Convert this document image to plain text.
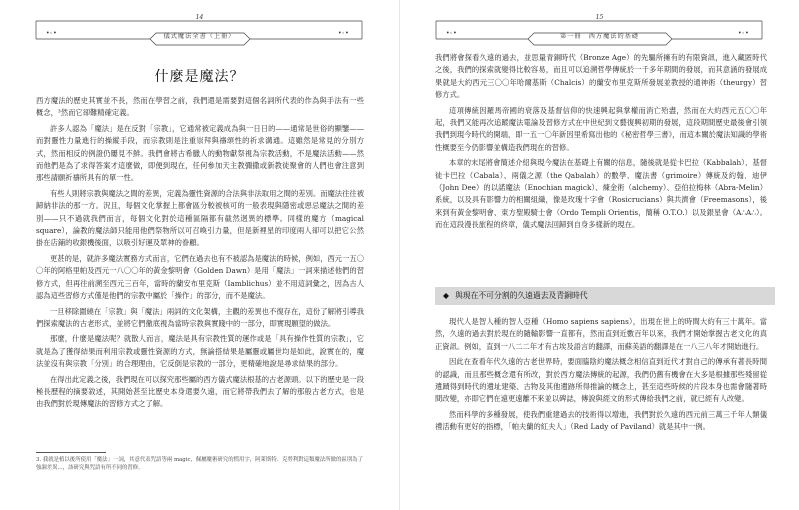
14
•◦•	•◦•
儀式魔法全書（上冊）
什麼是魔法？

西方魔法的歷史其實並不長，然而在學習之前，我們還是需要對這個名詞所代表的作為與手法有一些概念，³然而它卻難精確定義。

許多人認為「魔法」是在反對「宗教」，它通常被定義成為與一日日的——通常是世俗的顯鑒——而對靈性力量進行的操縱手段，而宗教則是注重崇拜與禱頌性的祈求溝通。這雖然是常見的分別方式，然而相反的例證仍屢見不鮮。我們會將古希臘人的動物獻祭視為宗教活動，不是魔法活動——然而他們是為了求得答案才這麼做，即便到現在，任何參加天主教彌撒或新教徒聚會的人們也會注意到那些請願祈禱所具有的單一性。

有些人則將宗教與魔法之間的差異，定義為靈性資源的合法與非法取用之間的差別。而魔法往往被歸納非法的那一方。況且，每個文化掌握上都會區分較被核可的一般表現與隱密或惡忌魔法之間的差別——只不過就我們而言，每個文化對於這種區隔都有截然迥異的標準。同樣的魔方（magical square），論教的魔法師只能用他們祭物所以可召喚引力量，但是新裡星的印度兩人卻可以把它公然掛在店鋪的收銀機後面，以吸引好運及眾神的眷顧。

更甚的是，就許多魔法實務方式而言，它們在過去也有不被認為是魔法的時候，例如，西元一五〇〇年的阿格里帕及西元一八〇〇年的黃金黎明會（Golden Dawn）是用「魔法」一詞來描述他們的習修方式，但再往前溯至西元三百年，當時的蘭安布里克斯（Iamblichus）並不用這詞彙之，因為古人認為這些習修方式僅是他們的宗教中屬於「操作」的部分，而不是魔法。

一旦移除圍繞在「宗教」與「魔法」兩詞的文化架構，主觀的差異也不復存在，這份了解將引導我們探索魔法的古老形式，並將它們徹底視為當時宗教與實踐中的一部分，即實現願望的做法。

那麼，什麼是魔法呢？就散人而言，魔法是具有宗教性質的運作或是「具有操作性質的宗教」，它就是為了獲得結果而利用宗教或靈性資源的方式，無論搭結果是屬靈或屬世均是如此，說實在的，魔法並沒有與宗教「分別」的合理理由，它反倒是宗教的一部分，更精確地說是尋求結果的部分。

在得出此定義之後，我們現在可以探究那些屬的西方儀式魔法根基的古老源頭。以下的歷史是一段極長歷程的摘要敘述，其開始甚至比歷史本身還要久遠，而它將帶我們去了解的那般古老方式，也是由我們對於現傳魔法的習修方式之了解。

3. 我就是植以後所使用「魔法」一詞，其意代表咒語等兩 magic，佩屬魔術研究的慣用字，阿萊斯特．克勞利對這類魔法所做的區別為了強調差異...，該研究與咒語有所不同的習修。
15
•◦•	•◦•
第一冊　西方魔法的基礎

我們將會探看久遠的過去，並思量青銅時代（Bronze Age）的先驅所擁有的有限資訊，進入藏匿時代之後，我們的探索就變得比較容易，而且可以追溯哲學傳統於一千多年期間的發展，而其意涵的發展成果就是大約西元三〇〇年哈爾基斯（Chalcis）的蘭安布里克斯所發展並教授的通神術（theurgy）習修方式。

這項傳統因羅馬帝國的衰落及基督信仰的快速興起與掌權而消亡殆盡，然而在大約西元五〇〇年起，我們又能再次追蹤魔法電論及習修方式在中世紀到文藝復興初期的發展，這段期間歷史最後會引領我們到現今時代的開端，即一五一〇年新因里希寫出他的《秘密哲學三書》，而這本關於魔法知識的學術性概要至今仍影響並構造我們現在的習修。

本章的末尾將會簡述介紹與現今魔法在基礎上有關的信息，隨後就是從卡巴拉（Kabbalah）、基督徒卡巴拉（Cabala）、兩儀之源（the Qabalah）的數學、魔法書（grimoire）傳統及約翰．迪伊（John Dee）的以諾魔法（Enochian magick）、煉金術（alchemy）、亞伯拉梅林（Abra-Melin）系統，以及具有影響力的相關組織，像是玫瑰十字會（Rosicrucians）與共濟會（Freemasons），後來到有黃金黎明會、東方聖殿騎士會（Ordo Templi Orientis，簡稱 O.T.O.）以及銀星會（A∴A∴）。而在這段漫長旅程的終章，儀式魔法回歸到自身多樣新的現在。

現代人是智人種的智人亞種（Homo sapiens sapiens），出現在世上的時間大約有三十萬年。當然，久遠的過去對於現在的隨輸影響一直都有，然而直到近數百年以來，我們才開始掌握古老文化的真正資訊。例如，直到一八二二年才有古埃及語言的翻譯，而蘇美語的翻譯是在一八三八年才開始進行。

因此在查看年代久遠的古老世界時，要面臨陰約魔法概念相信直到近代才對自己的傳承有著長時間的認識，而且那些概念還有所改，對於西方魔法傳統的起源，我們仍舊有機會在大多是根據那些殘留從遺蹟得到時代的遺址建築、古物及其他遺跡所得推論的概念上，甚至這些時候的片段本身也需會隨著時間改變，亦即它們在遠更遠離不來並以碑誌，傳說與經文的形式傳給我們之前，就已經有人改變。

然而科學的多種發展，使我們重建過去的技術得以增進，我們對於久遠的西元前三萬三千年人類儀禮活動有更好的指標，「帕夫蘭的紅夫人」（Red Lady of Paviland）就是其中一例。

◆ 與現在不可分割的久遠過去及青銅時代
